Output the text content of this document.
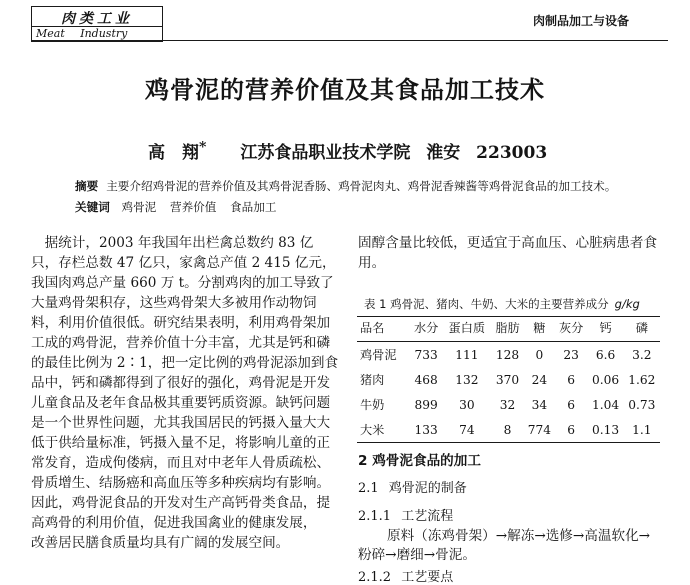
肉类工业
Meat Industry
肉制品加工与设备
鸡骨泥的营养价值及其食品加工技术
高　翔* 江苏食品职业技术学院 淮安 223003
摘要 主要介绍鸡骨泥的营养价值及其鸡骨泥香肠、鸡骨泥肉丸、鸡骨泥香辣酱等鸡骨泥食品的加工技术。
关键词 鸡骨泥 营养价值 食品加工
　据统计，2003 年我国年出栏禽总数约 83 亿
只，存栏总数 47 亿只，家禽总产值 2 415 亿元，
我国肉鸡总产量 660 万 t。分割鸡肉的加工导致了
大量鸡骨架积存，这些鸡骨架大多被用作动物饲
料，利用价值很低。研究结果表明，利用鸡骨架加
工成的鸡骨泥，营养价值十分丰富，尤其是钙和磷
的最佳比例为 2∶1，把一定比例的鸡骨泥添加到食
品中，钙和磷都得到了很好的强化，鸡骨泥是开发
儿童食品及老年食品极其重要钙质资源。缺钙问题
是一个世界性问题，尤其我国居民的钙摄入量大大
低于供给量标准，钙摄入量不足，将影响儿童的正
常发育，造成佝偻病，而且对中老年人骨质疏松、
骨质增生、结肠癌和高血压等多种疾病均有影响。
因此，鸡骨泥食品的开发对生产高钙骨类食品，提
高鸡骨的利用价值，促进我国禽业的健康发展，
改善居民膳食质量均具有广阔的发展空间。
固醇含量比较低，更适宜于高血压、心脏病患者食
用。
表 1 鸡骨泥、猪肉、牛奶、大米的主要营养成分 g/kg
品名	水分	蛋白质	脂肪	糖	灰分	钙	磷
鸡骨泥	733	111	128	0	23	6.6	3.2
猪肉	468	132	370	24	6	0.06	1.62
牛奶	899	30	32	34	6	1.04	0.73
大米	133	74	8	774	6	0.13	1.1
2 鸡骨泥食品的加工
2.1 鸡骨泥的制备
2.1.1 工艺流程
原料（冻鸡骨架）→解冻→选修→高温软化→
粉碎→磨细→骨泥。
2.1.2 工艺要点
